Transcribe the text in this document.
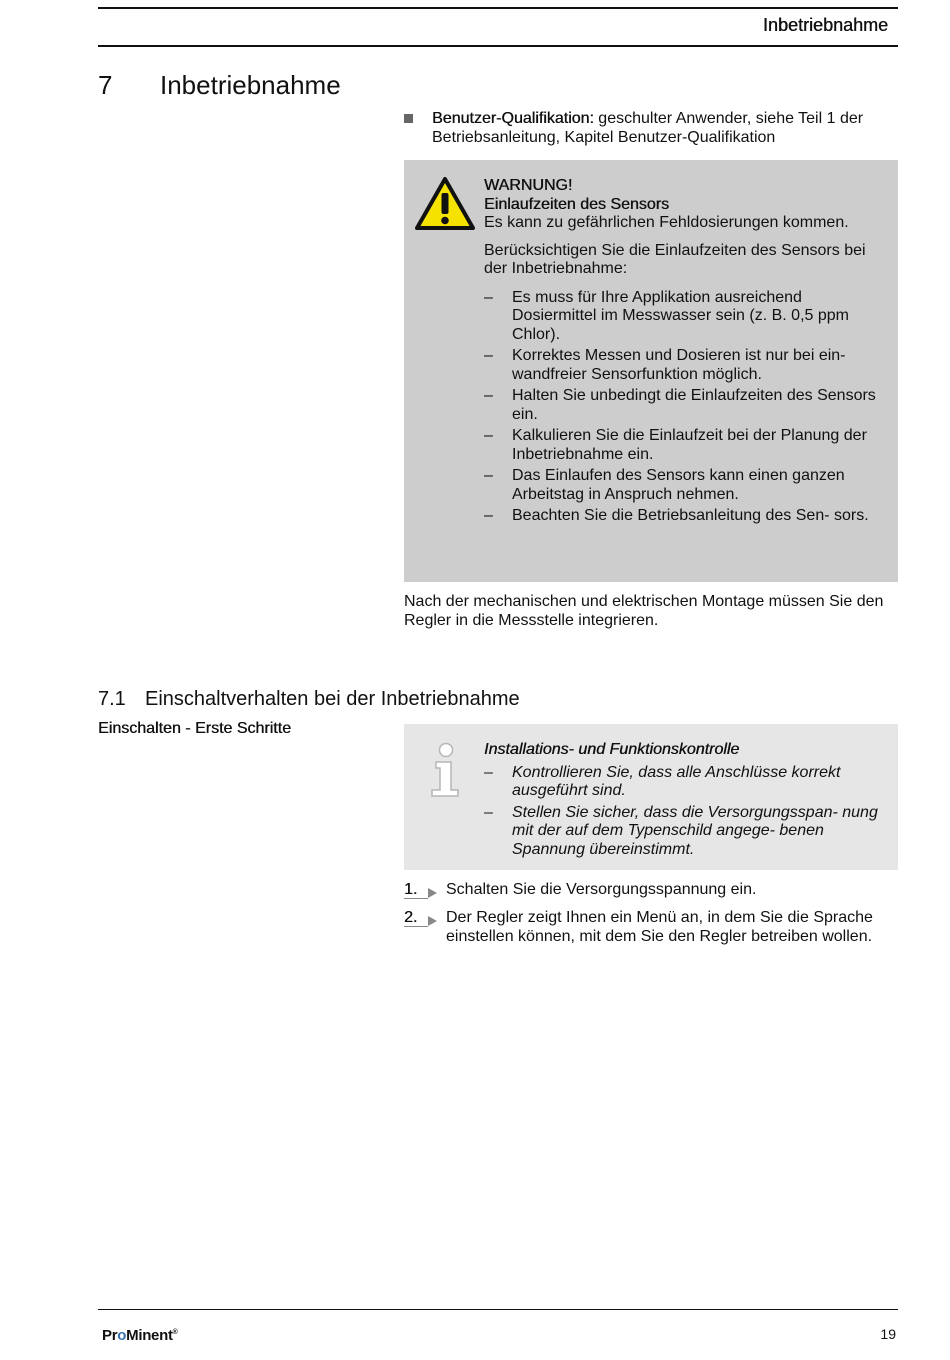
Inbetriebnahme
7 Inbetriebnahme
Benutzer-Qualifikation: geschulter Anwender, siehe Teil 1 der Betriebsanleitung, Kapitel Benutzer-Qualifikation

WARNUNG!

Einlaufzeiten des Sensors

Es kann zu gefährlichen Fehldosierungen kommen.

Berücksichtigen Sie die Einlaufzeiten des Sensors bei der Inbetriebnahme:

– Es muss für Ihre Applikation ausreichend Dosiermittel im Messwasser sein (z. B. 0,5 ppm Chlor).
– Korrektes Messen und Dosieren ist nur bei ein- wandfreier Sensorfunktion möglich.
– Halten Sie unbedingt die Einlaufzeiten des Sensors ein.
– Kalkulieren Sie die Einlaufzeit bei der Planung der Inbetriebnahme ein.
– Das Einlaufen des Sensors kann einen ganzen Arbeitstag in Anspruch nehmen.
– Beachten Sie die Betriebsanleitung des Sen- sors.
Nach der mechanischen und elektrischen Montage müssen Sie den Regler in die Messstelle integrieren.
7.1 Einschaltverhalten bei der Inbetriebnahme
Einschalten - Erste Schritte

Installations- und Funktionskontrolle

– Kontrollieren Sie, dass alle Anschlüsse korrekt ausgeführt sind.
– Stellen Sie sicher, dass die Versorgungsspan- nung mit der auf dem Typenschild angege- benen Spannung übereinstimmt.
1.	Schalten Sie die Versorgungsspannung ein.
2.	Der Regler zeigt Ihnen ein Menü an, in dem Sie die Sprache einstellen können, mit dem Sie den Regler betreiben wollen.
ProMinent®	19
